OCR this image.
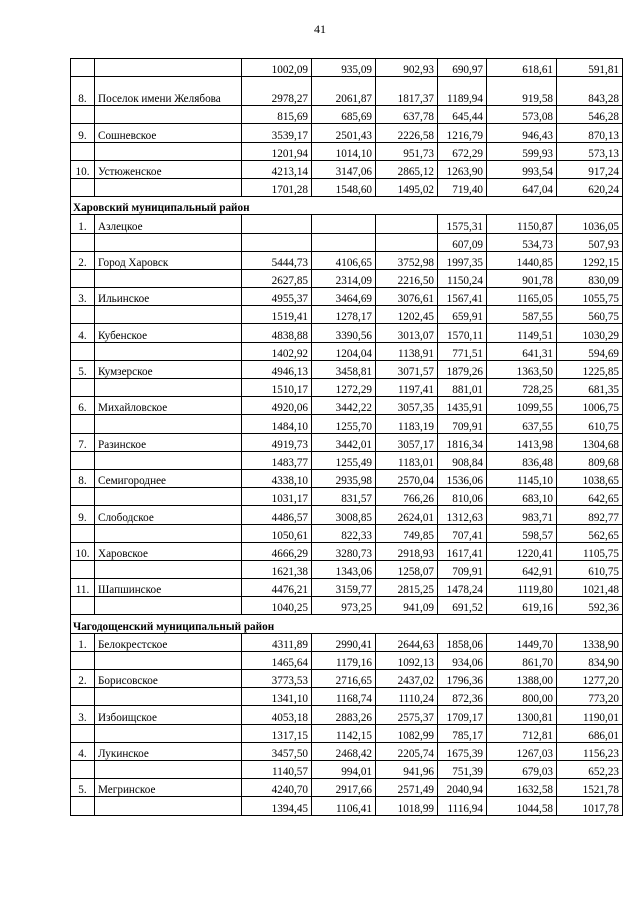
41
		1002,09	935,09	902,93	690,97	618,61	591,81
8.	Поселок имени Желябова	2978,27	2061,87	1817,37	1189,94	919,58	843,28
		815,69	685,69	637,78	645,44	573,08	546,28
9.	Сошневское	3539,17	2501,43	2226,58	1216,79	946,43	870,13
		1201,94	1014,10	951,73	672,29	599,93	573,13
10.	Устюженское	4213,14	3147,06	2865,12	1263,90	993,54	917,24
		1701,28	1548,60	1495,02	719,40	647,04	620,24
Харовский муниципальный район							
1.	Азлецкое				1575,31	1150,87	1036,05
					607,09	534,73	507,93
2.	Город Харовск	5444,73	4106,65	3752,98	1997,35	1440,85	1292,15
		2627,85	2314,09	2216,50	1150,24	901,78	830,09
3.	Ильинское	4955,37	3464,69	3076,61	1567,41	1165,05	1055,75
		1519,41	1278,17	1202,45	659,91	587,55	560,75
4.	Кубенское	4838,88	3390,56	3013,07	1570,11	1149,51	1030,29
		1402,92	1204,04	1138,91	771,51	641,31	594,69
5.	Кумзерское	4946,13	3458,81	3071,57	1879,26	1363,50	1225,85
		1510,17	1272,29	1197,41	881,01	728,25	681,35
6.	Михайловское	4920,06	3442,22	3057,35	1435,91	1099,55	1006,75
		1484,10	1255,70	1183,19	709,91	637,55	610,75
7.	Разинское	4919,73	3442,01	3057,17	1816,34	1413,98	1304,68
		1483,77	1255,49	1183,01	908,84	836,48	809,68
8.	Семигороднее	4338,10	2935,98	2570,04	1536,06	1145,10	1038,65
		1031,17	831,57	766,26	810,06	683,10	642,65
9.	Слободское	4486,57	3008,85	2624,01	1312,63	983,71	892,77
		1050,61	822,33	749,85	707,41	598,57	562,65
10.	Харовское	4666,29	3280,73	2918,93	1617,41	1220,41	1105,75
		1621,38	1343,06	1258,07	709,91	642,91	610,75
11.	Шапшинское	4476,21	3159,77	2815,25	1478,24	1119,80	1021,48
		1040,25	973,25	941,09	691,52	619,16	592,36
Чагодощенский муниципальный район							
1.	Белокрестское	4311,89	2990,41	2644,63	1858,06	1449,70	1338,90
		1465,64	1179,16	1092,13	934,06	861,70	834,90
2.	Борисовское	3773,53	2716,65	2437,02	1796,36	1388,00	1277,20
		1341,10	1168,74	1110,24	872,36	800,00	773,20
3.	Избоищское	4053,18	2883,26	2575,37	1709,17	1300,81	1190,01
		1317,15	1142,15	1082,99	785,17	712,81	686,01
4.	Лукинское	3457,50	2468,42	2205,74	1675,39	1267,03	1156,23
		1140,57	994,01	941,96	751,39	679,03	652,23
5.	Мегринское	4240,70	2917,66	2571,49	2040,94	1632,58	1521,78
		1394,45	1106,41	1018,99	1116,94	1044,58	1017,78
